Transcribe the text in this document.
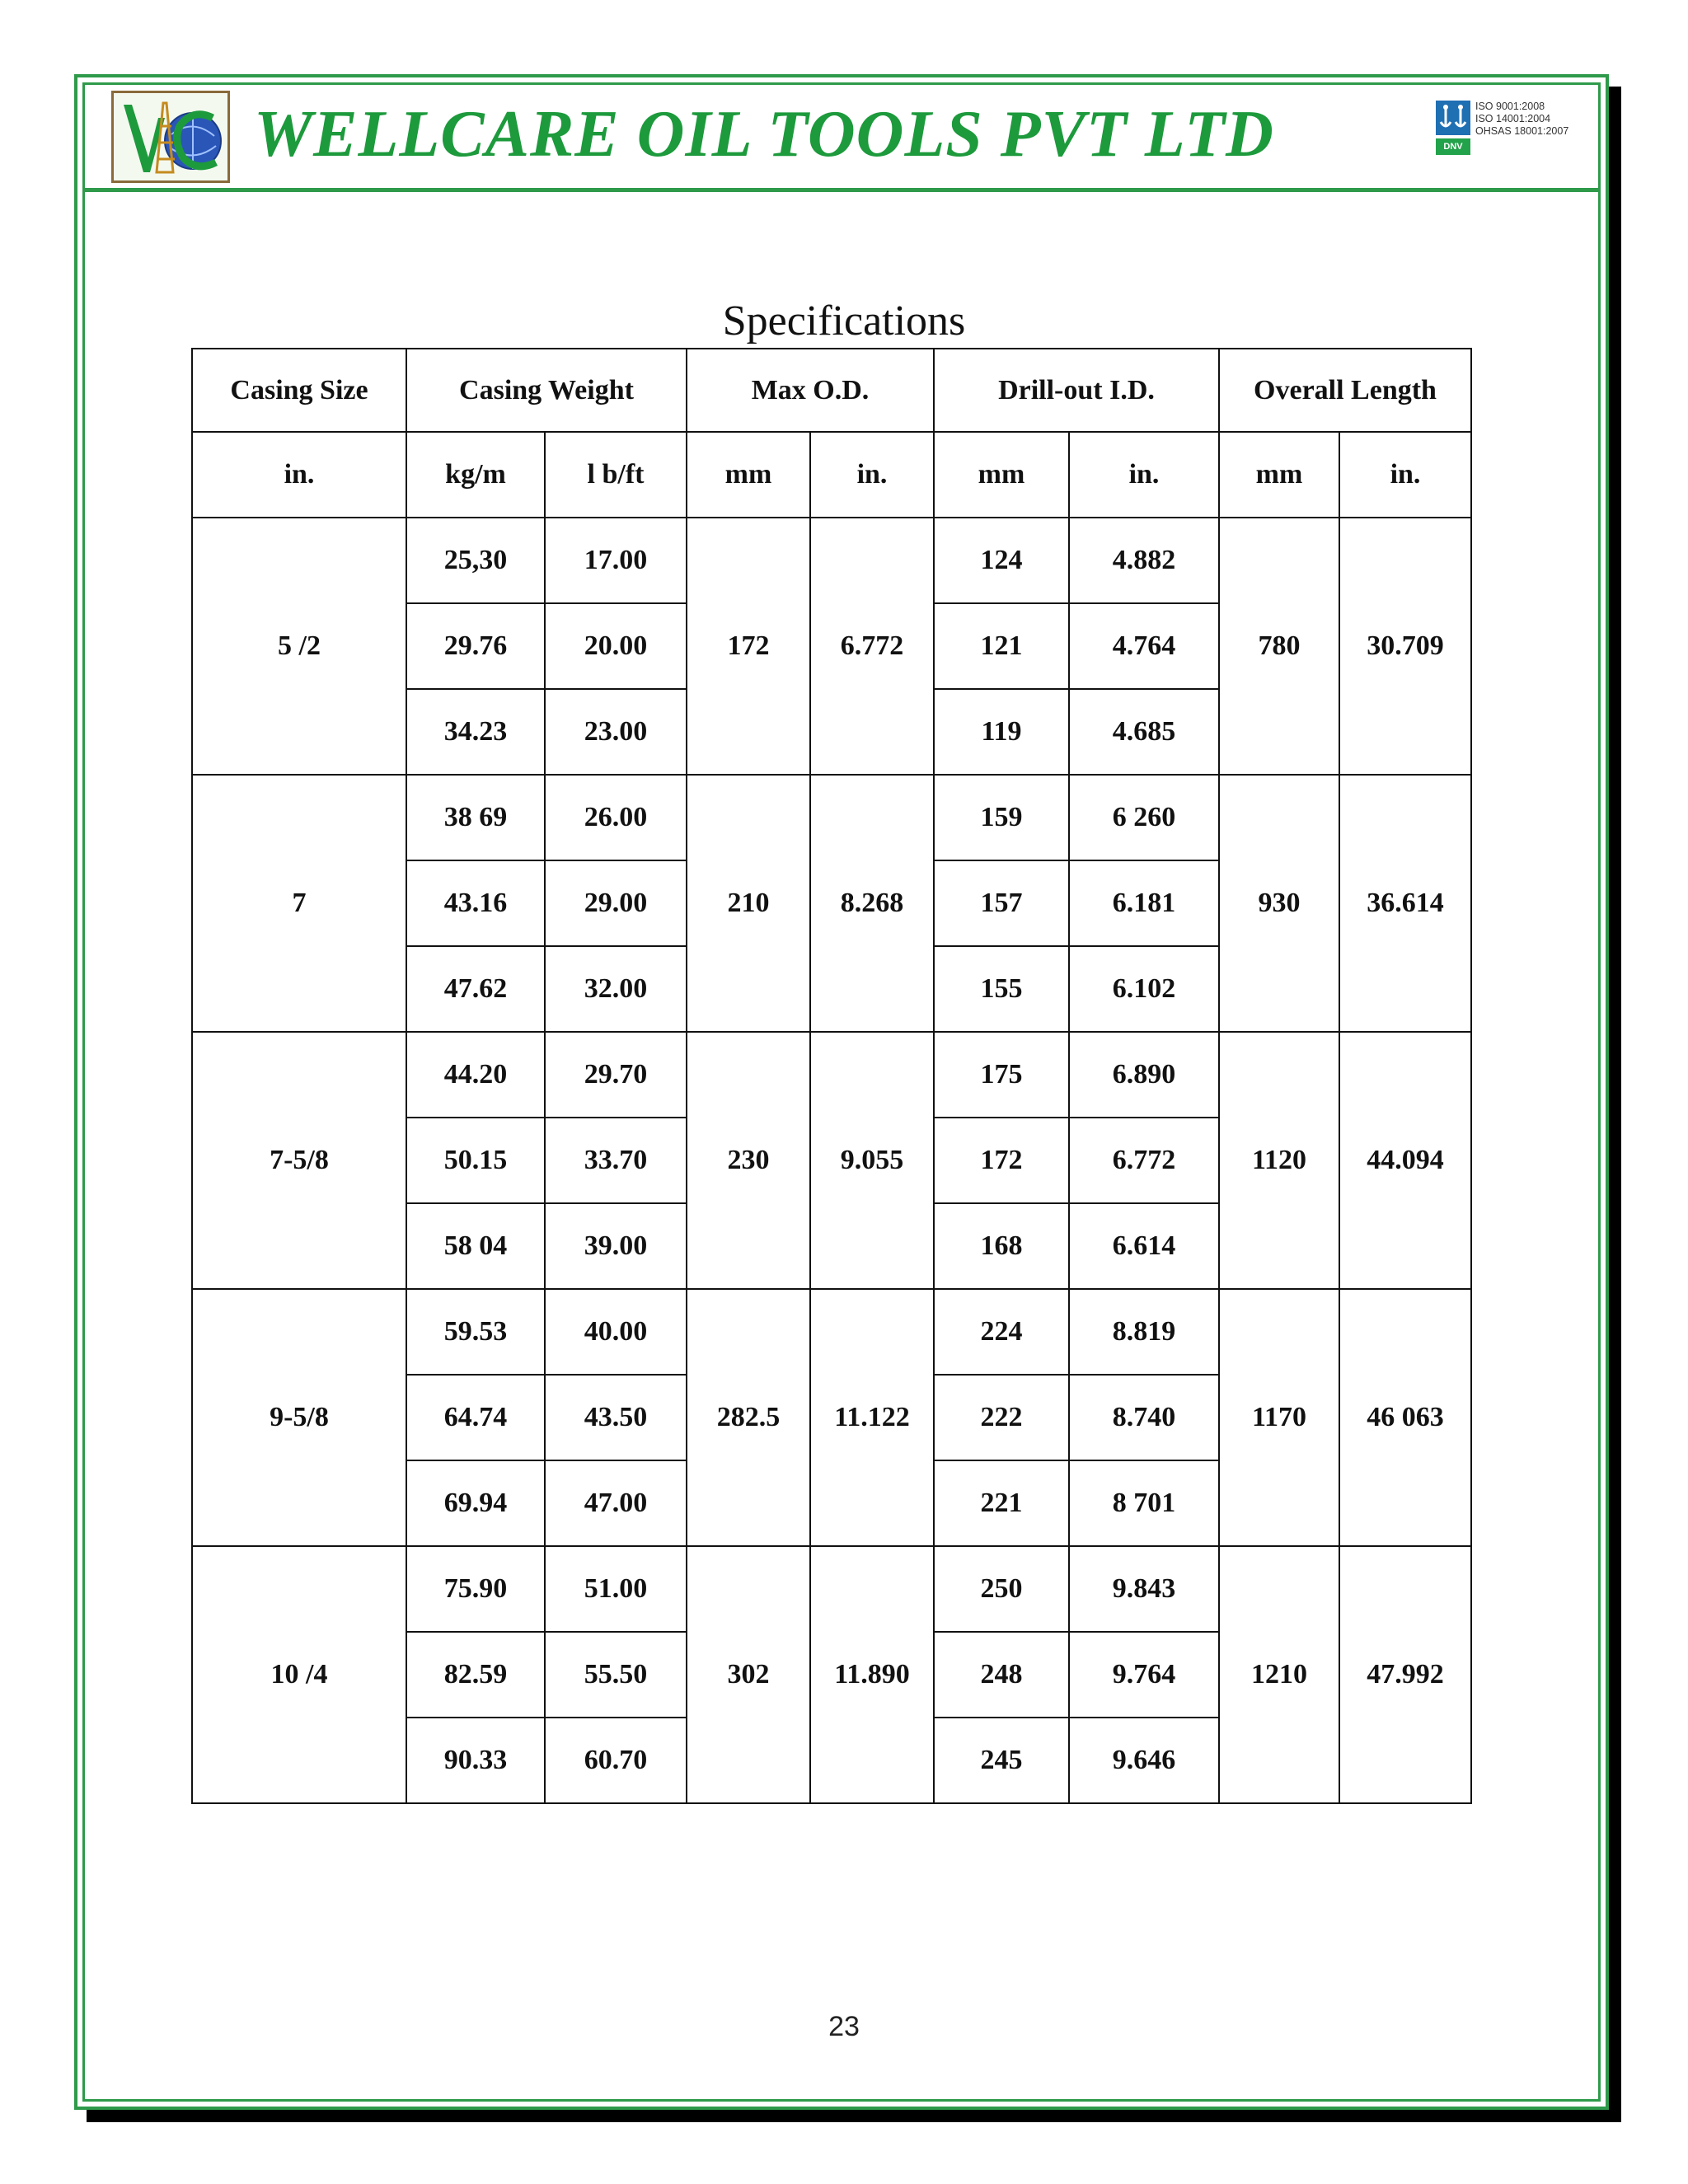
WELLCARE OIL TOOLS PVT LTD	DNV
ISO 9001:2008
ISO 14001:2004
OHSAS 18001:2007
Specifications
Casing Size	Casing Weight		Max O.D.		Drill-out I.D.		Overall Length	
in.	kg/m	l b/ft	mm	in.	mm	in.	mm	in.
5 /2	25,30	17.00	172	6.772	124	4.882	780	30.709
	29.76	20.00			121	4.764		
	34.23	23.00			119	4.685		
7	38 69	26.00	210	8.268	159	6 260	930	36.614
	43.16	29.00			157	6.181		
	47.62	32.00			155	6.102		
7-5/8	44.20	29.70	230	9.055	175	6.890	1120	44.094
	50.15	33.70			172	6.772		
	58 04	39.00			168	6.614		
9-5/8	59.53	40.00	282.5	11.122	224	8.819	1170	46 063
	64.74	43.50			222	8.740		
	69.94	47.00			221	8 701		
10 /4	75.90	51.00	302	11.890	250	9.843	1210	47.992
	82.59	55.50			248	9.764		
	90.33	60.70			245	9.646		
23
